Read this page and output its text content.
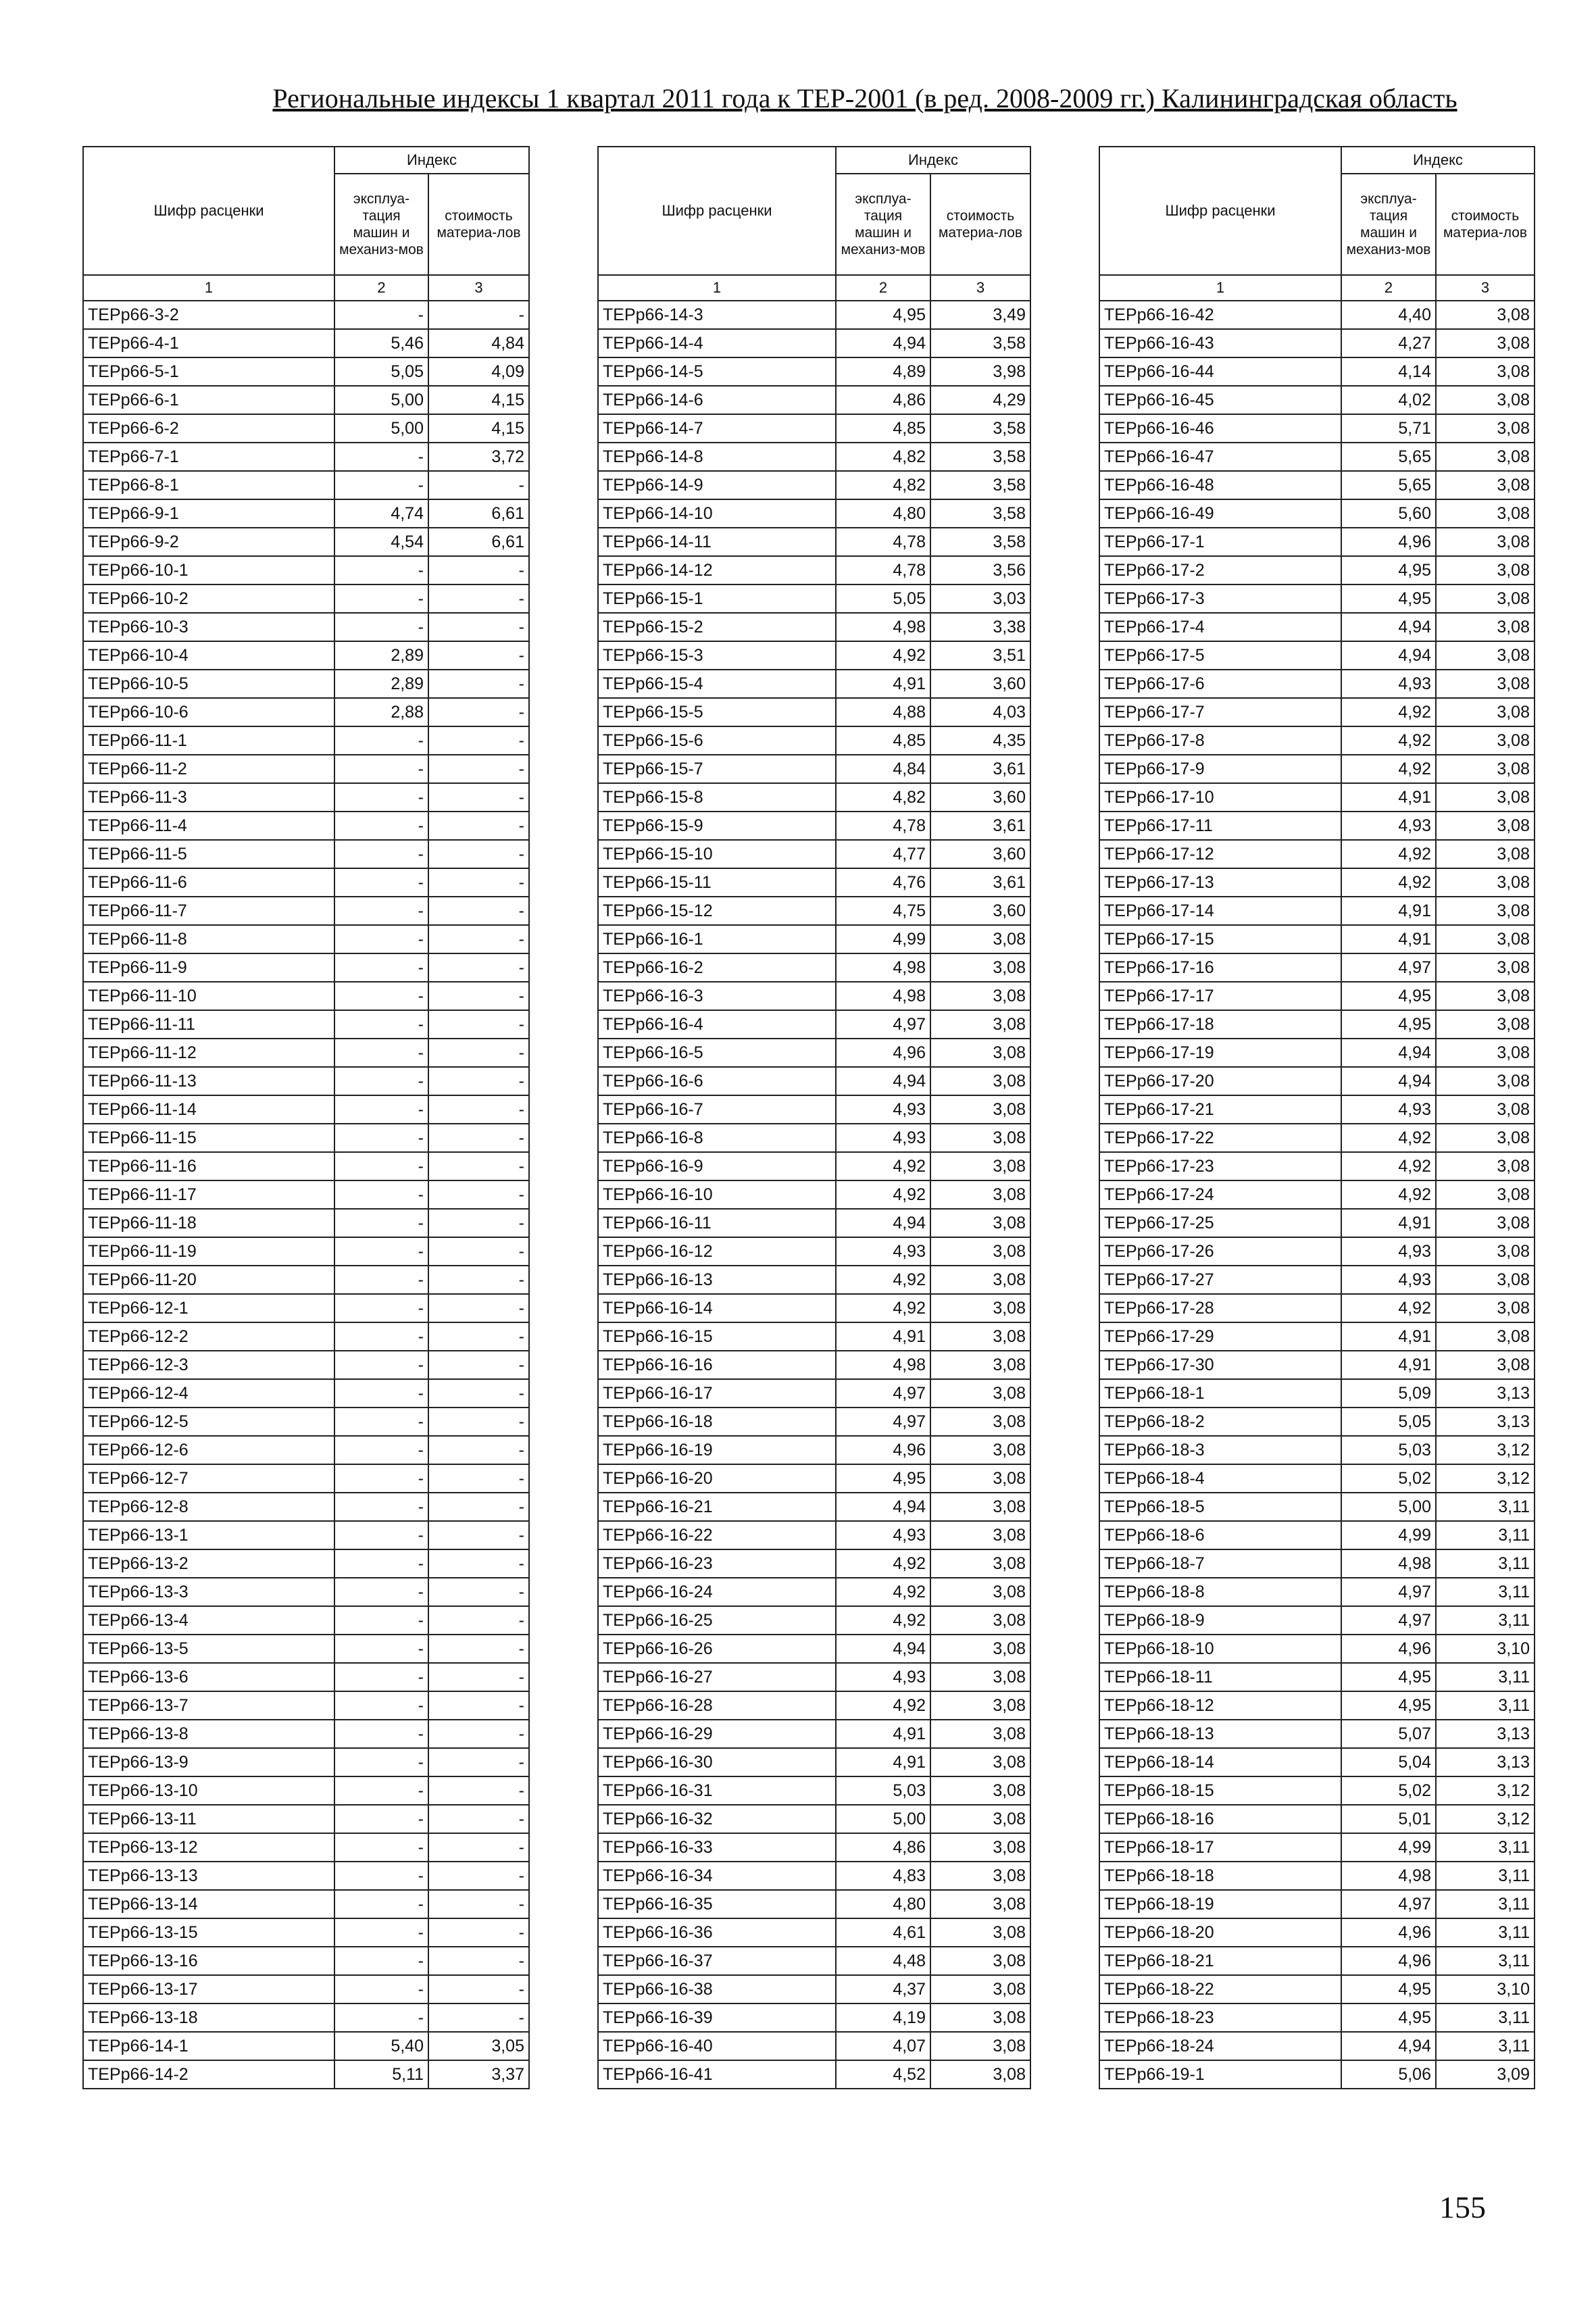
Региональные индексы 1 квартал 2011 года к ТЕР-2001 (в ред. 2008-2009 гг.) Калининградская область
Шифр расценки	Индекс	
	эксплуа-тация машин и механиз-мов	стоимость материа-лов
1	2	3
ТЕРр66-3-2	-	-
ТЕРр66-4-1	5,46	4,84
ТЕРр66-5-1	5,05	4,09
ТЕРр66-6-1	5,00	4,15
ТЕРр66-6-2	5,00	4,15
ТЕРр66-7-1	-	3,72
ТЕРр66-8-1	-	-
ТЕРр66-9-1	4,74	6,61
ТЕРр66-9-2	4,54	6,61
ТЕРр66-10-1	-	-
ТЕРр66-10-2	-	-
ТЕРр66-10-3	-	-
ТЕРр66-10-4	2,89	-
ТЕРр66-10-5	2,89	-
ТЕРр66-10-6	2,88	-
ТЕРр66-11-1	-	-
ТЕРр66-11-2	-	-
ТЕРр66-11-3	-	-
ТЕРр66-11-4	-	-
ТЕРр66-11-5	-	-
ТЕРр66-11-6	-	-
ТЕРр66-11-7	-	-
ТЕРр66-11-8	-	-
ТЕРр66-11-9	-	-
ТЕРр66-11-10	-	-
ТЕРр66-11-11	-	-
ТЕРр66-11-12	-	-
ТЕРр66-11-13	-	-
ТЕРр66-11-14	-	-
ТЕРр66-11-15	-	-
ТЕРр66-11-16	-	-
ТЕРр66-11-17	-	-
ТЕРр66-11-18	-	-
ТЕРр66-11-19	-	-
ТЕРр66-11-20	-	-
ТЕРр66-12-1	-	-
ТЕРр66-12-2	-	-
ТЕРр66-12-3	-	-
ТЕРр66-12-4	-	-
ТЕРр66-12-5	-	-
ТЕРр66-12-6	-	-
ТЕРр66-12-7	-	-
ТЕРр66-12-8	-	-
ТЕРр66-13-1	-	-
ТЕРр66-13-2	-	-
ТЕРр66-13-3	-	-
ТЕРр66-13-4	-	-
ТЕРр66-13-5	-	-
ТЕРр66-13-6	-	-
ТЕРр66-13-7	-	-
ТЕРр66-13-8	-	-
ТЕРр66-13-9	-	-
ТЕРр66-13-10	-	-
ТЕРр66-13-11	-	-
ТЕРр66-13-12	-	-
ТЕРр66-13-13	-	-
ТЕРр66-13-14	-	-
ТЕРр66-13-15	-	-
ТЕРр66-13-16	-	-
ТЕРр66-13-17	-	-
ТЕРр66-13-18	-	-
ТЕРр66-14-1	5,40	3,05
ТЕРр66-14-2	5,11	3,37
Шифр расценки	Индекс	
	эксплуа-тация машин и механиз-мов	стоимость материа-лов
1	2	3
ТЕРр66-14-3	4,95	3,49
ТЕРр66-14-4	4,94	3,58
ТЕРр66-14-5	4,89	3,98
ТЕРр66-14-6	4,86	4,29
ТЕРр66-14-7	4,85	3,58
ТЕРр66-14-8	4,82	3,58
ТЕРр66-14-9	4,82	3,58
ТЕРр66-14-10	4,80	3,58
ТЕРр66-14-11	4,78	3,58
ТЕРр66-14-12	4,78	3,56
ТЕРр66-15-1	5,05	3,03
ТЕРр66-15-2	4,98	3,38
ТЕРр66-15-3	4,92	3,51
ТЕРр66-15-4	4,91	3,60
ТЕРр66-15-5	4,88	4,03
ТЕРр66-15-6	4,85	4,35
ТЕРр66-15-7	4,84	3,61
ТЕРр66-15-8	4,82	3,60
ТЕРр66-15-9	4,78	3,61
ТЕРр66-15-10	4,77	3,60
ТЕРр66-15-11	4,76	3,61
ТЕРр66-15-12	4,75	3,60
ТЕРр66-16-1	4,99	3,08
ТЕРр66-16-2	4,98	3,08
ТЕРр66-16-3	4,98	3,08
ТЕРр66-16-4	4,97	3,08
ТЕРр66-16-5	4,96	3,08
ТЕРр66-16-6	4,94	3,08
ТЕРр66-16-7	4,93	3,08
ТЕРр66-16-8	4,93	3,08
ТЕРр66-16-9	4,92	3,08
ТЕРр66-16-10	4,92	3,08
ТЕРр66-16-11	4,94	3,08
ТЕРр66-16-12	4,93	3,08
ТЕРр66-16-13	4,92	3,08
ТЕРр66-16-14	4,92	3,08
ТЕРр66-16-15	4,91	3,08
ТЕРр66-16-16	4,98	3,08
ТЕРр66-16-17	4,97	3,08
ТЕРр66-16-18	4,97	3,08
ТЕРр66-16-19	4,96	3,08
ТЕРр66-16-20	4,95	3,08
ТЕРр66-16-21	4,94	3,08
ТЕРр66-16-22	4,93	3,08
ТЕРр66-16-23	4,92	3,08
ТЕРр66-16-24	4,92	3,08
ТЕРр66-16-25	4,92	3,08
ТЕРр66-16-26	4,94	3,08
ТЕРр66-16-27	4,93	3,08
ТЕРр66-16-28	4,92	3,08
ТЕРр66-16-29	4,91	3,08
ТЕРр66-16-30	4,91	3,08
ТЕРр66-16-31	5,03	3,08
ТЕРр66-16-32	5,00	3,08
ТЕРр66-16-33	4,86	3,08
ТЕРр66-16-34	4,83	3,08
ТЕРр66-16-35	4,80	3,08
ТЕРр66-16-36	4,61	3,08
ТЕРр66-16-37	4,48	3,08
ТЕРр66-16-38	4,37	3,08
ТЕРр66-16-39	4,19	3,08
ТЕРр66-16-40	4,07	3,08
ТЕРр66-16-41	4,52	3,08
Шифр расценки	Индекс	
	эксплуа-тация машин и механиз-мов	стоимость материа-лов
1	2	3
ТЕРр66-16-42	4,40	3,08
ТЕРр66-16-43	4,27	3,08
ТЕРр66-16-44	4,14	3,08
ТЕРр66-16-45	4,02	3,08
ТЕРр66-16-46	5,71	3,08
ТЕРр66-16-47	5,65	3,08
ТЕРр66-16-48	5,65	3,08
ТЕРр66-16-49	5,60	3,08
ТЕРр66-17-1	4,96	3,08
ТЕРр66-17-2	4,95	3,08
ТЕРр66-17-3	4,95	3,08
ТЕРр66-17-4	4,94	3,08
ТЕРр66-17-5	4,94	3,08
ТЕРр66-17-6	4,93	3,08
ТЕРр66-17-7	4,92	3,08
ТЕРр66-17-8	4,92	3,08
ТЕРр66-17-9	4,92	3,08
ТЕРр66-17-10	4,91	3,08
ТЕРр66-17-11	4,93	3,08
ТЕРр66-17-12	4,92	3,08
ТЕРр66-17-13	4,92	3,08
ТЕРр66-17-14	4,91	3,08
ТЕРр66-17-15	4,91	3,08
ТЕРр66-17-16	4,97	3,08
ТЕРр66-17-17	4,95	3,08
ТЕРр66-17-18	4,95	3,08
ТЕРр66-17-19	4,94	3,08
ТЕРр66-17-20	4,94	3,08
ТЕРр66-17-21	4,93	3,08
ТЕРр66-17-22	4,92	3,08
ТЕРр66-17-23	4,92	3,08
ТЕРр66-17-24	4,92	3,08
ТЕРр66-17-25	4,91	3,08
ТЕРр66-17-26	4,93	3,08
ТЕРр66-17-27	4,93	3,08
ТЕРр66-17-28	4,92	3,08
ТЕРр66-17-29	4,91	3,08
ТЕРр66-17-30	4,91	3,08
ТЕРр66-18-1	5,09	3,13
ТЕРр66-18-2	5,05	3,13
ТЕРр66-18-3	5,03	3,12
ТЕРр66-18-4	5,02	3,12
ТЕРр66-18-5	5,00	3,11
ТЕРр66-18-6	4,99	3,11
ТЕРр66-18-7	4,98	3,11
ТЕРр66-18-8	4,97	3,11
ТЕРр66-18-9	4,97	3,11
ТЕРр66-18-10	4,96	3,10
ТЕРр66-18-11	4,95	3,11
ТЕРр66-18-12	4,95	3,11
ТЕРр66-18-13	5,07	3,13
ТЕРр66-18-14	5,04	3,13
ТЕРр66-18-15	5,02	3,12
ТЕРр66-18-16	5,01	3,12
ТЕРр66-18-17	4,99	3,11
ТЕРр66-18-18	4,98	3,11
ТЕРр66-18-19	4,97	3,11
ТЕРр66-18-20	4,96	3,11
ТЕРр66-18-21	4,96	3,11
ТЕРр66-18-22	4,95	3,10
ТЕРр66-18-23	4,95	3,11
ТЕРр66-18-24	4,94	3,11
ТЕРр66-19-1	5,06	3,09
155
